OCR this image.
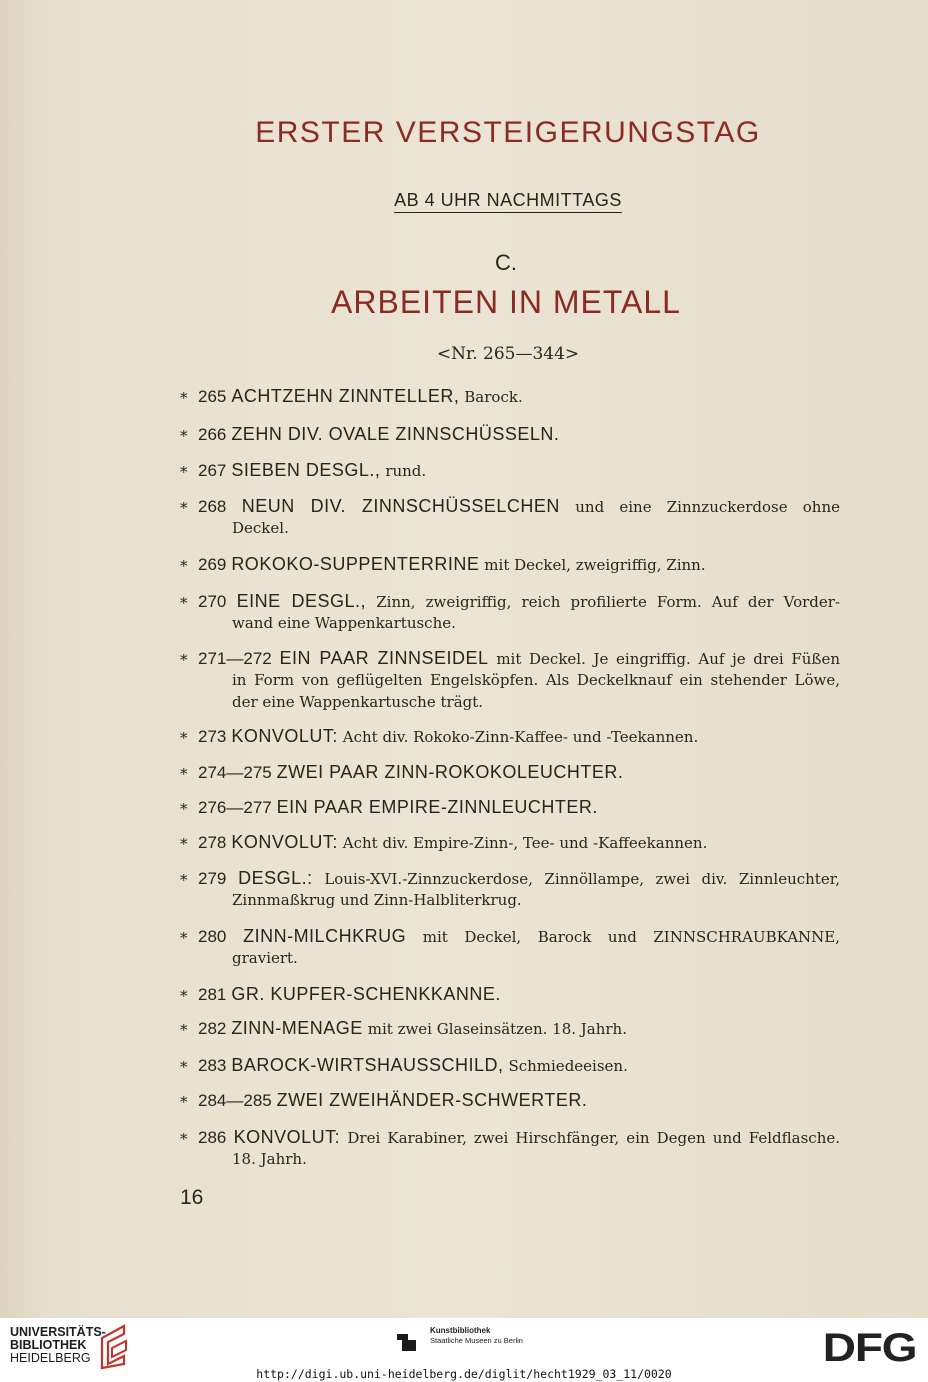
ERSTER VERSTEIGERUNGSTAG
AB 4 UHR NACHMITTAGS
C.
ARBEITEN IN METALL
<Nr. 265—344>
* 265 ACHTZEHN ZINNTELLER, Barock.
* 266 ZEHN DIV. OVALE ZINNSCHÜSSELN.
* 267 SIEBEN DESGL., rund.
* 268 NEUN DIV. ZINNSCHÜSSELCHEN und eine Zinnzuckerdose ohne
Deckel.
* 269 ROKOKO-SUPPENTERRINE mit Deckel, zweigriffig, Zinn.
* 270 EINE DESGL., Zinn, zweigriffig, reich profilierte Form. Auf der Vorder-
wand eine Wappenkartusche.
* 271—272 EIN PAAR ZINNSEIDEL mit Deckel. Je eingriffig. Auf je drei Füßen
in Form von geflügelten Engelsköpfen. Als Deckelknauf ein stehender Löwe,
der eine Wappenkartusche trägt.
* 273 KONVOLUT: Acht div. Rokoko-Zinn-Kaffee- und -Teekannen.
* 274—275 ZWEI PAAR ZINN-ROKOKOLEUCHTER.
* 276—277 EIN PAAR EMPIRE-ZINNLEUCHTER.
* 278 KONVOLUT: Acht div. Empire-Zinn-, Tee- und -Kaffeekannen.
* 279 DESGL.: Louis-XVI.-Zinnzuckerdose, Zinnöllampe, zwei div. Zinnleuchter,
Zinnmaßkrug und Zinn-Halbliterkrug.
* 280 ZINN-MILCHKRUG mit Deckel, Barock und ZINNSCHRAUBKANNE,
graviert.
* 281 GR. KUPFER-SCHENKKANNE.
* 282 ZINN-MENAGE mit zwei Glaseinsätzen. 18. Jahrh.
* 283 BAROCK-WIRTSHAUSSCHILD, Schmiedeeisen.
* 284—285 ZWEI ZWEIHÄNDER-SCHWERTER.
* 286 KONVOLUT: Drei Karabiner, zwei Hirschfänger, ein Degen und Feldflasche.
18. Jahrh.
16
UNIVERSITÄTS-
BIBLIOTHEK
HEIDELBERG
Kunstbibliothek
Staatliche Museen zu Berlin	DFG
http://digi.ub.uni-heidelberg.de/diglit/hecht1929_03_11/0020
